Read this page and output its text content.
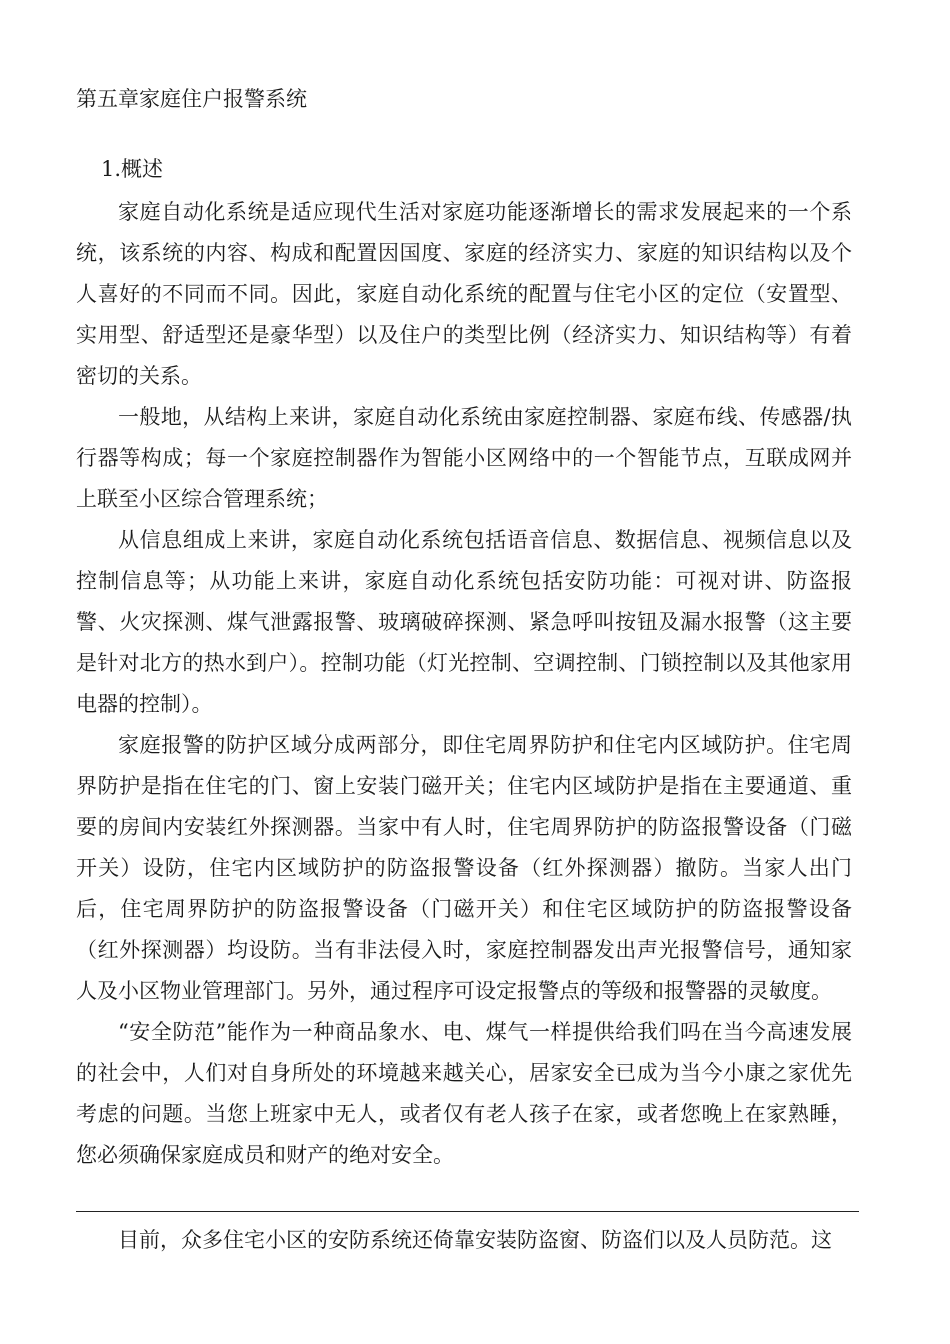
第五章家庭住户报警系统
1.概述

家庭自动化系统是适应现代生活对家庭功能逐渐增长的需求发展起来的一个系统，该系统的内容、构成和配置因国度、家庭的经济实力、家庭的知识结构以及个人喜好的不同而不同。因此，家庭自动化系统的配置与住宅小区的定位（安置型、实用型、舒适型还是豪华型）以及住户的类型比例（经济实力、知识结构等）有着密切的关系。

一般地，从结构上来讲，家庭自动化系统由家庭控制器、家庭布线、传感器/执行器等构成；每一个家庭控制器作为智能小区网络中的一个智能节点，互联成网并上联至小区综合管理系统；

从信息组成上来讲，家庭自动化系统包括语音信息、数据信息、视频信息以及控制信息等；从功能上来讲，家庭自动化系统包括安防功能：可视对讲、防盗报警、火灾探测、煤气泄露报警、玻璃破碎探测、紧急呼叫按钮及漏水报警（这主要是针对北方的热水到户）。控制功能（灯光控制、空调控制、门锁控制以及其他家用电器的控制）。

家庭报警的防护区域分成两部分，即住宅周界防护和住宅内区域防护。住宅周界防护是指在住宅的门、窗上安装门磁开关；住宅内区域防护是指在主要通道、重要的房间内安装红外探测器。当家中有人时，住宅周界防护的防盗报警设备（门磁开关）设防，住宅内区域防护的防盗报警设备（红外探测器）撤防。当家人出门后，住宅周界防护的防盗报警设备（门磁开关）和住宅区域防护的防盗报警设备（红外探测器）均设防。当有非法侵入时，家庭控制器发出声光报警信号，通知家人及小区物业管理部门。另外，通过程序可设定报警点的等级和报警器的灵敏度。

“安全防范”能作为一种商品象水、电、煤气一样提供给我们吗在当今高速发展的社会中，人们对自身所处的环境越来越关心，居家安全已成为当今小康之家优先考虑的问题。当您上班家中无人，或者仅有老人孩子在家，或者您晚上在家熟睡，您必须确保家庭成员和财产的绝对安全。

目前，众多住宅小区的安防系统还倚靠安装防盗窗、防盗们以及人员防范。这
